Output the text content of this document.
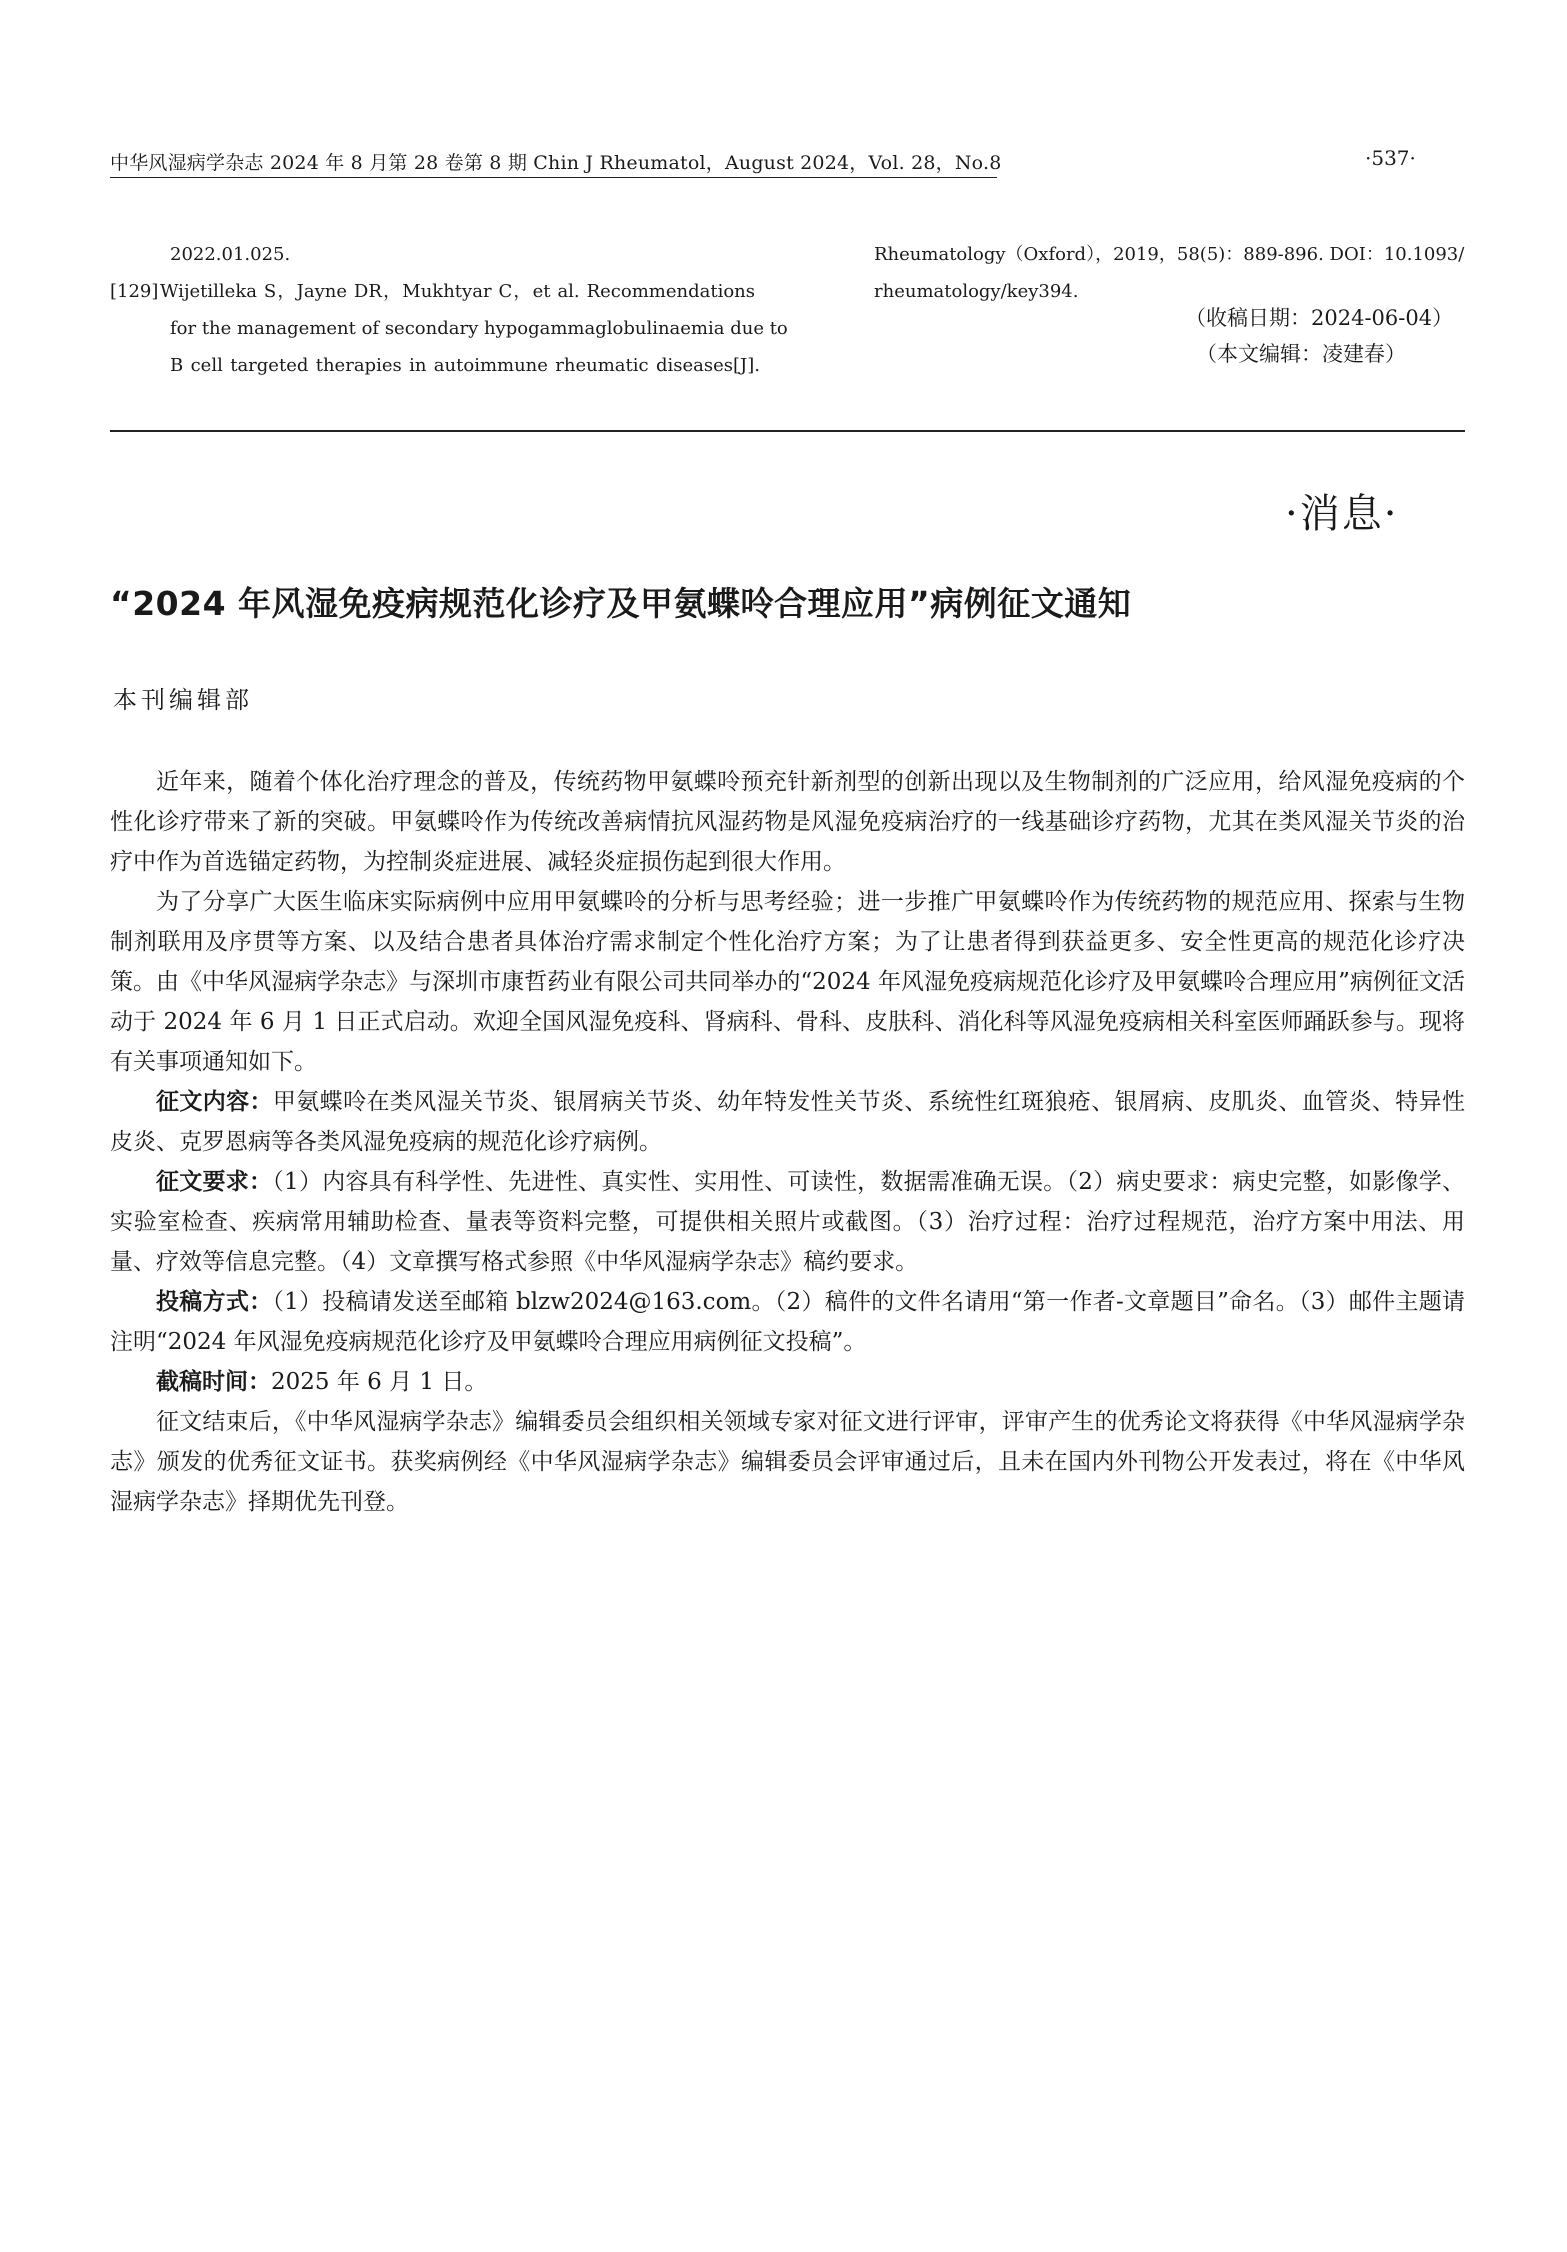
中华风湿病学杂志 2024 年 8 月第 28 卷第 8 期 Chin J Rheumatol，August 2024，Vol. 28，No.8	·537·
2022.01.025.
[129]Wijetilleka S，Jayne DR，Mukhtyar C，et al. Recommendations
for the management of secondary hypogammaglobulinaemia due to
B cell targeted therapies in autoimmune rheumatic diseases[J].
Rheumatology（Oxford），2019，58(5)：889-896. DOI：10.1093/
rheumatology/key394.
（收稿日期：2024-06-04）
（本文编辑：凌建春）
·消息·
“2024 年风湿免疫病规范化诊疗及甲氨蝶呤合理应用”病例征文通知
本刊编辑部

近年来，随着个体化治疗理念的普及，传统药物甲氨蝶呤预充针新剂型的创新出现以及生物制剂的广泛应用，给风湿免疫病的个性化诊疗带来了新的突破。甲氨蝶呤作为传统改善病情抗风湿药物是风湿免疫病治疗的一线基础诊疗药物，尤其在类风湿关节炎的治疗中作为首选锚定药物，为控制炎症进展、减轻炎症损伤起到很大作用。

为了分享广大医生临床实际病例中应用甲氨蝶呤的分析与思考经验；进一步推广甲氨蝶呤作为传统药物的规范应用、探索与生物制剂联用及序贯等方案、以及结合患者具体治疗需求制定个性化治疗方案；为了让患者得到获益更多、安全性更高的规范化诊疗决策。由《中华风湿病学杂志》与深圳市康哲药业有限公司共同举办的“2024 年风湿免疫病规范化诊疗及甲氨蝶呤合理应用”病例征文活动于 2024 年 6 月 1 日正式启动。欢迎全国风湿免疫科、肾病科、骨科、皮肤科、消化科等风湿免疫病相关科室医师踊跃参与。现将有关事项通知如下。

征文内容：甲氨蝶呤在类风湿关节炎、银屑病关节炎、幼年特发性关节炎、系统性红斑狼疮、银屑病、皮肌炎、血管炎、特异性皮炎、克罗恩病等各类风湿免疫病的规范化诊疗病例。

征文要求：（1）内容具有科学性、先进性、真实性、实用性、可读性，数据需准确无误。（2）病史要求：病史完整，如影像学、实验室检查、疾病常用辅助检查、量表等资料完整，可提供相关照片或截图。（3）治疗过程：治疗过程规范，治疗方案中用法、用量、疗效等信息完整。（4）文章撰写格式参照《中华风湿病学杂志》稿约要求。

投稿方式：（1）投稿请发送至邮箱 blzw2024@163.com。（2）稿件的文件名请用“第一作者-文章题目”命名。（3）邮件主题请注明“2024 年风湿免疫病规范化诊疗及甲氨蝶呤合理应用病例征文投稿”。

截稿时间：2025 年 6 月 1 日。

征文结束后，《中华风湿病学杂志》编辑委员会组织相关领域专家对征文进行评审，评审产生的优秀论文将获得《中华风湿病学杂志》颁发的优秀征文证书。获奖病例经《中华风湿病学杂志》编辑委员会评审通过后，且未在国内外刊物公开发表过，将在《中华风湿病学杂志》择期优先刊登。
